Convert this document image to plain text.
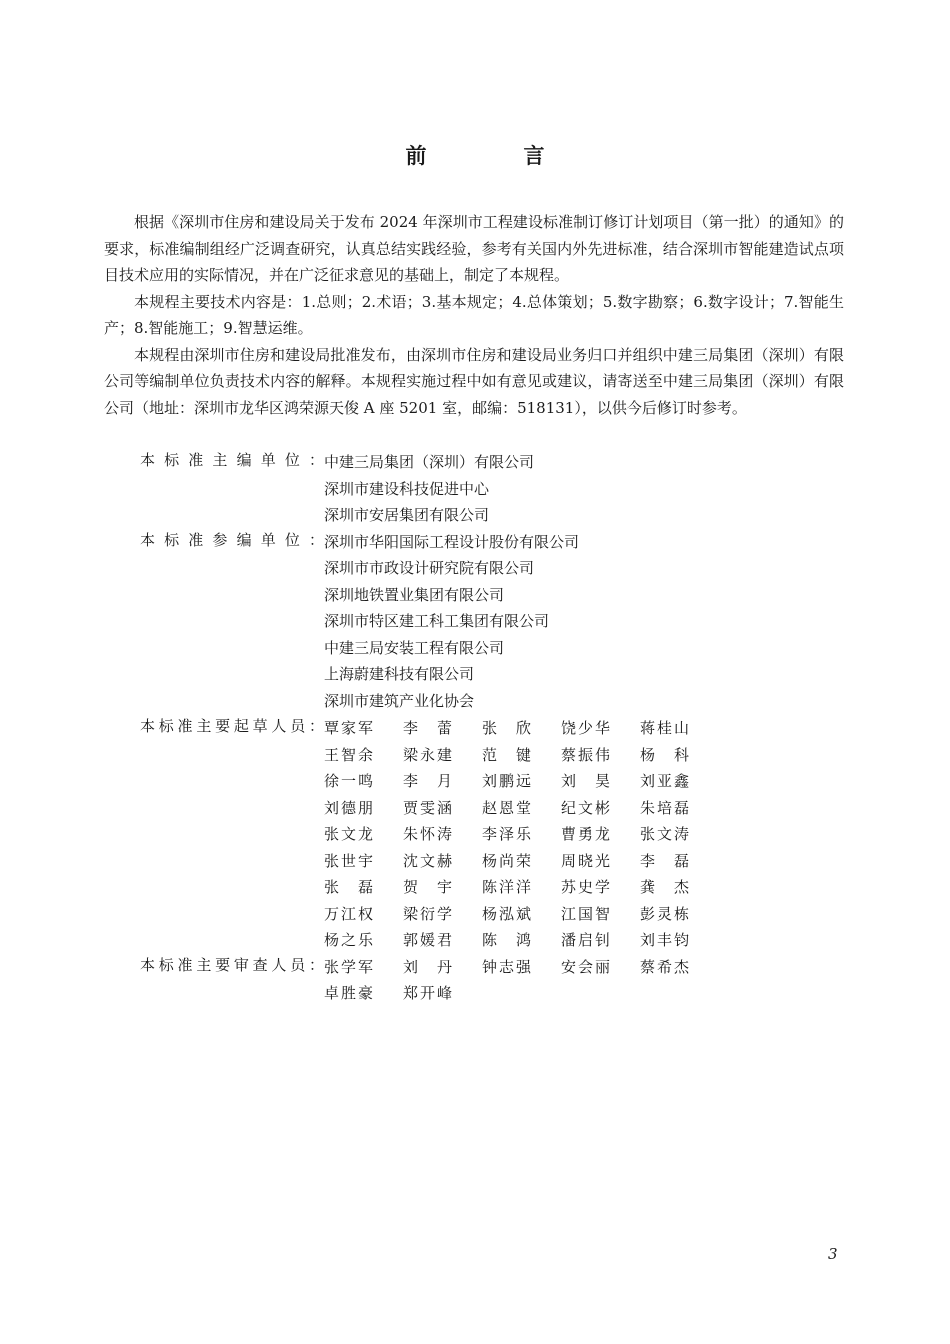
前　言

根据《深圳市住房和建设局关于发布 2024 年深圳市工程建设标准制订修订计划项目（第一批）的通知》的要求，标准编制组经广泛调查研究，认真总结实践经验，参考有关国内外先进标准，结合深圳市智能建造试点项目技术应用的实际情况，并在广泛征求意见的基础上，制定了本规程。

本规程主要技术内容是：1.总则；2.术语；3.基本规定；4.总体策划；5.数字勘察；6.数字设计；7.智能生产；8.智能施工；9.智慧运维。

本规程由深圳市住房和建设局批准发布，由深圳市住房和建设局业务归口并组织中建三局集团（深圳）有限公司等编制单位负责技术内容的解释。本规程实施过程中如有意见或建议，请寄送至中建三局集团（深圳）有限公司（地址：深圳市龙华区鸿荣源天俊 A 座 5201 室，邮编：518131），以供今后修订时参考。

本标准主编单位： 中建三局集团（深圳）有限公司
深圳市建设科技促进中心
深圳市安居集团有限公司
本标准参编单位： 深圳市华阳国际工程设计股份有限公司
深圳市市政设计研究院有限公司
深圳地铁置业集团有限公司
深圳市特区建工科工集团有限公司
中建三局安装工程有限公司
上海蔚建科技有限公司
深圳市建筑产业化协会
本标准主要起草人员： 覃家军 李蕾 张欣 饶少华 蒋桂山
王智余 梁永建 范键 蔡振伟 杨科
徐一鸣 李月 刘鹏远 刘昊 刘亚鑫
刘德朋 贾雯涵 赵恩堂 纪文彬 朱培磊
张文龙 朱怀涛 李泽乐 曹勇龙 张文涛
张世宇 沈文赫 杨尚荣 周晓光 李磊
张磊 贺宇 陈洋洋 苏史学 龚杰
万江权 梁衍学 杨泓斌 江国智 彭灵栋
杨之乐 郭媛君 陈鸿 潘启钊 刘丰钧
本标准主要审查人员： 张学军 刘丹 钟志强 安会丽 蔡希杰
卓胜豪 郑开峰
3
